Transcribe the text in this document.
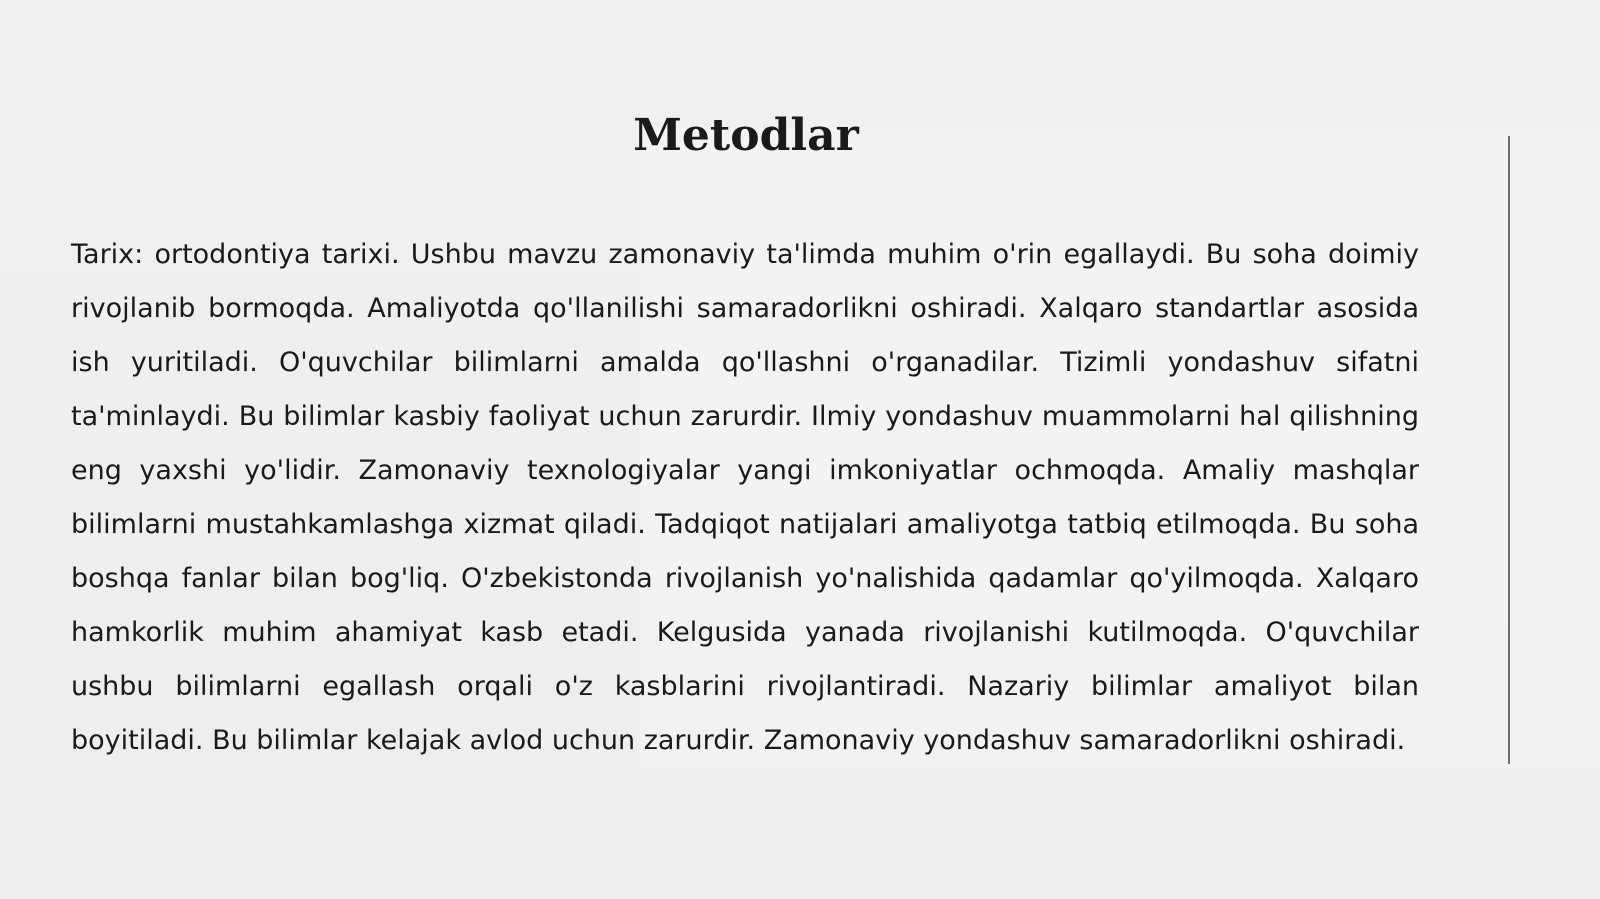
Metodlar

Tarix: ortodontiya tarixi. Ushbu mavzu zamonaviy ta'limda muhim o'rin egallaydi. Bu soha doimiy rivojlanib bormoqda. Amaliyotda qo'llanilishi samaradorlikni oshiradi. Xalqaro standartlar asosida ish yuritiladi. O'quvchilar bilimlarni amalda qo'llashni o'rganadilar. Tizimli yondashuv sifatni ta'minlaydi. Bu bilimlar kasbiy faoliyat uchun zarurdir. Ilmiy yondashuv muammolarni hal qilishning eng yaxshi yo'lidir. Zamonaviy texnologiyalar yangi imkoniyatlar ochmoqda. Amaliy mashqlar bilimlarni mustahkamlashga xizmat qiladi. Tadqiqot natijalari amaliyotga tatbiq etilmoqda. Bu soha boshqa fanlar bilan bog'liq. O'zbekistonda rivojlanish yo'nalishida qadamlar qo'yilmoqda. Xalqaro hamkorlik muhim ahamiyat kasb etadi. Kelgusida yanada rivojlanishi kutilmoqda. O'quvchilar ushbu bilimlarni egallash orqali o'z kasblarini rivojlantiradi. Nazariy bilimlar amaliyot bilan boyitiladi. Bu bilimlar kelajak avlod uchun zarurdir. Zamonaviy yondashuv samaradorlikni oshiradi.
